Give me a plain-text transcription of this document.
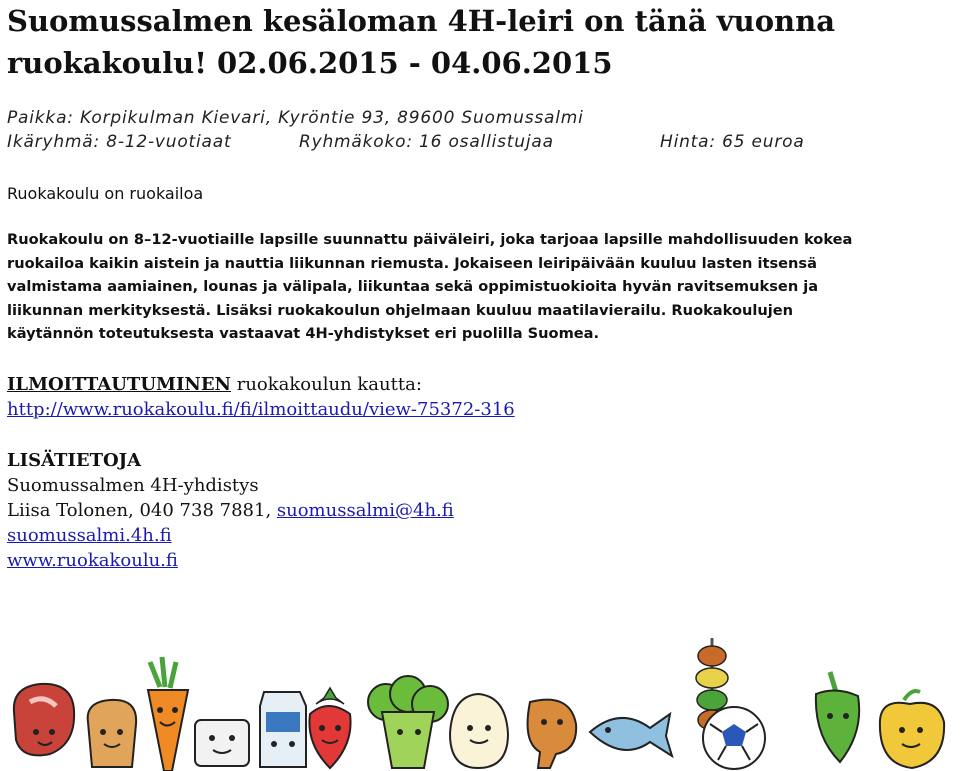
Suomussalmen kesäloman 4H-leiri on tänä vuonna
ruokakoulu! 02.06.2015 - 04.06.2015
Paikka: Korpikulman Kievari, Kyröntie 93, 89600 Suomussalmi
Ikäryhmä: 8-12-vuotiaat	Ryhmäkoko: 16 osallistujaa	Hinta: 65 euroa
Ruokakoulu on ruokailoa
Ruokakoulu on 8–12-vuotiaille lapsille suunnattu päiväleiri, joka tarjoaa lapsille mahdollisuuden kokea
ruokailoa kaikin aistein ja nauttia liikunnan riemusta. Jokaiseen leiripäivään kuuluu lasten itsensä
valmistama aamiainen, lounas ja välipala, liikuntaa sekä oppimistuokioita hyvän ravitsemuksen ja
liikunnan merkityksestä. Lisäksi ruokakoulun ohjelmaan kuuluu maatilavierailu. Ruokakoulujen
käytännön toteutuksesta vastaavat 4H-yhdistykset eri puolilla Suomea.
ILMOITTAUTUMINEN ruokakoulun kautta:
http://www.ruokakoulu.fi/fi/ilmoittaudu/view-75372-316
LISÄTIETOJA
Suomussalmen 4H-yhdistys
Liisa Tolonen, 040 738 7881, suomussalmi@4h.fi
suomussalmi.4h.fi
www.ruokakoulu.fi
